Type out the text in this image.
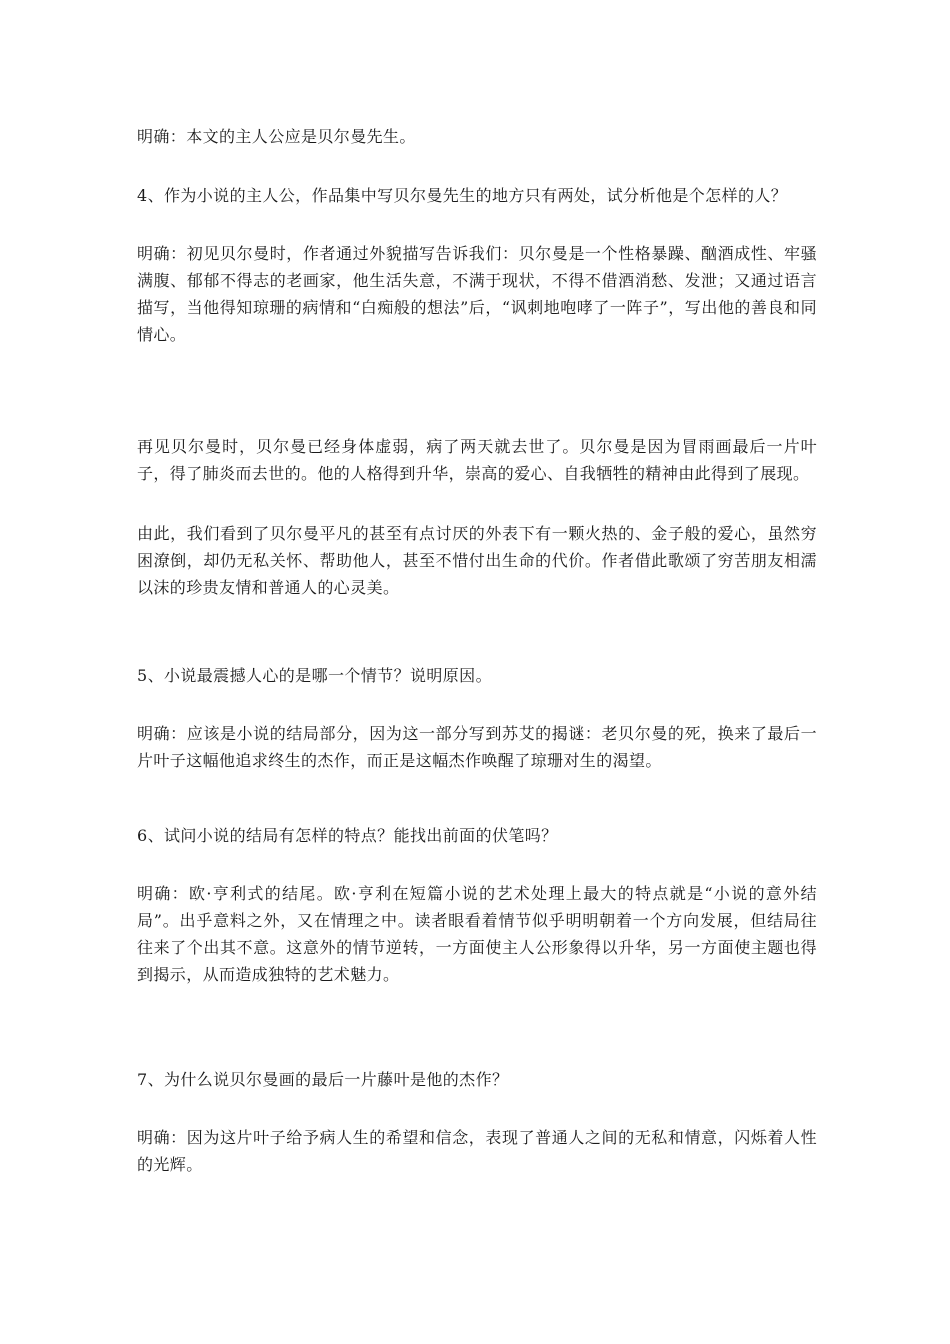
明确：本文的主人公应是贝尔曼先生。

4、作为小说的主人公，作品集中写贝尔曼先生的地方只有两处，试分析他是个怎样的人？

明确：初见贝尔曼时，作者通过外貌描写告诉我们：贝尔曼是一个性格暴躁、酗酒成性、牢骚满腹、郁郁不得志的老画家，他生活失意，不满于现状，不得不借酒消愁、发泄；又通过语言描写，当他得知琼珊的病情和“白痴般的想法”后，“讽刺地咆哮了一阵子”，写出他的善良和同情心。

再见贝尔曼时，贝尔曼已经身体虚弱，病了两天就去世了。贝尔曼是因为冒雨画最后一片叶子，得了肺炎而去世的。他的人格得到升华，崇高的爱心、自我牺牲的精神由此得到了展现。

由此，我们看到了贝尔曼平凡的甚至有点讨厌的外表下有一颗火热的、金子般的爱心，虽然穷困潦倒，却仍无私关怀、帮助他人，甚至不惜付出生命的代价。作者借此歌颂了穷苦朋友相濡以沫的珍贵友情和普通人的心灵美。

5、小说最震撼人心的是哪一个情节？说明原因。

明确：应该是小说的结局部分，因为这一部分写到苏艾的揭谜：老贝尔曼的死，换来了最后一片叶子这幅他追求终生的杰作，而正是这幅杰作唤醒了琼珊对生的渴望。

6、试问小说的结局有怎样的特点？能找出前面的伏笔吗？

明确：欧·亨利式的结尾。欧·亨利在短篇小说的艺术处理上最大的特点就是“小说的意外结局”。出乎意料之外，又在情理之中。读者眼看着情节似乎明明朝着一个方向发展，但结局往往来了个出其不意。这意外的情节逆转，一方面使主人公形象得以升华，另一方面使主题也得到揭示，从而造成独特的艺术魅力。

7、为什么说贝尔曼画的最后一片藤叶是他的杰作？

明确：因为这片叶子给予病人生的希望和信念，表现了普通人之间的无私和情意，闪烁着人性的光辉。
